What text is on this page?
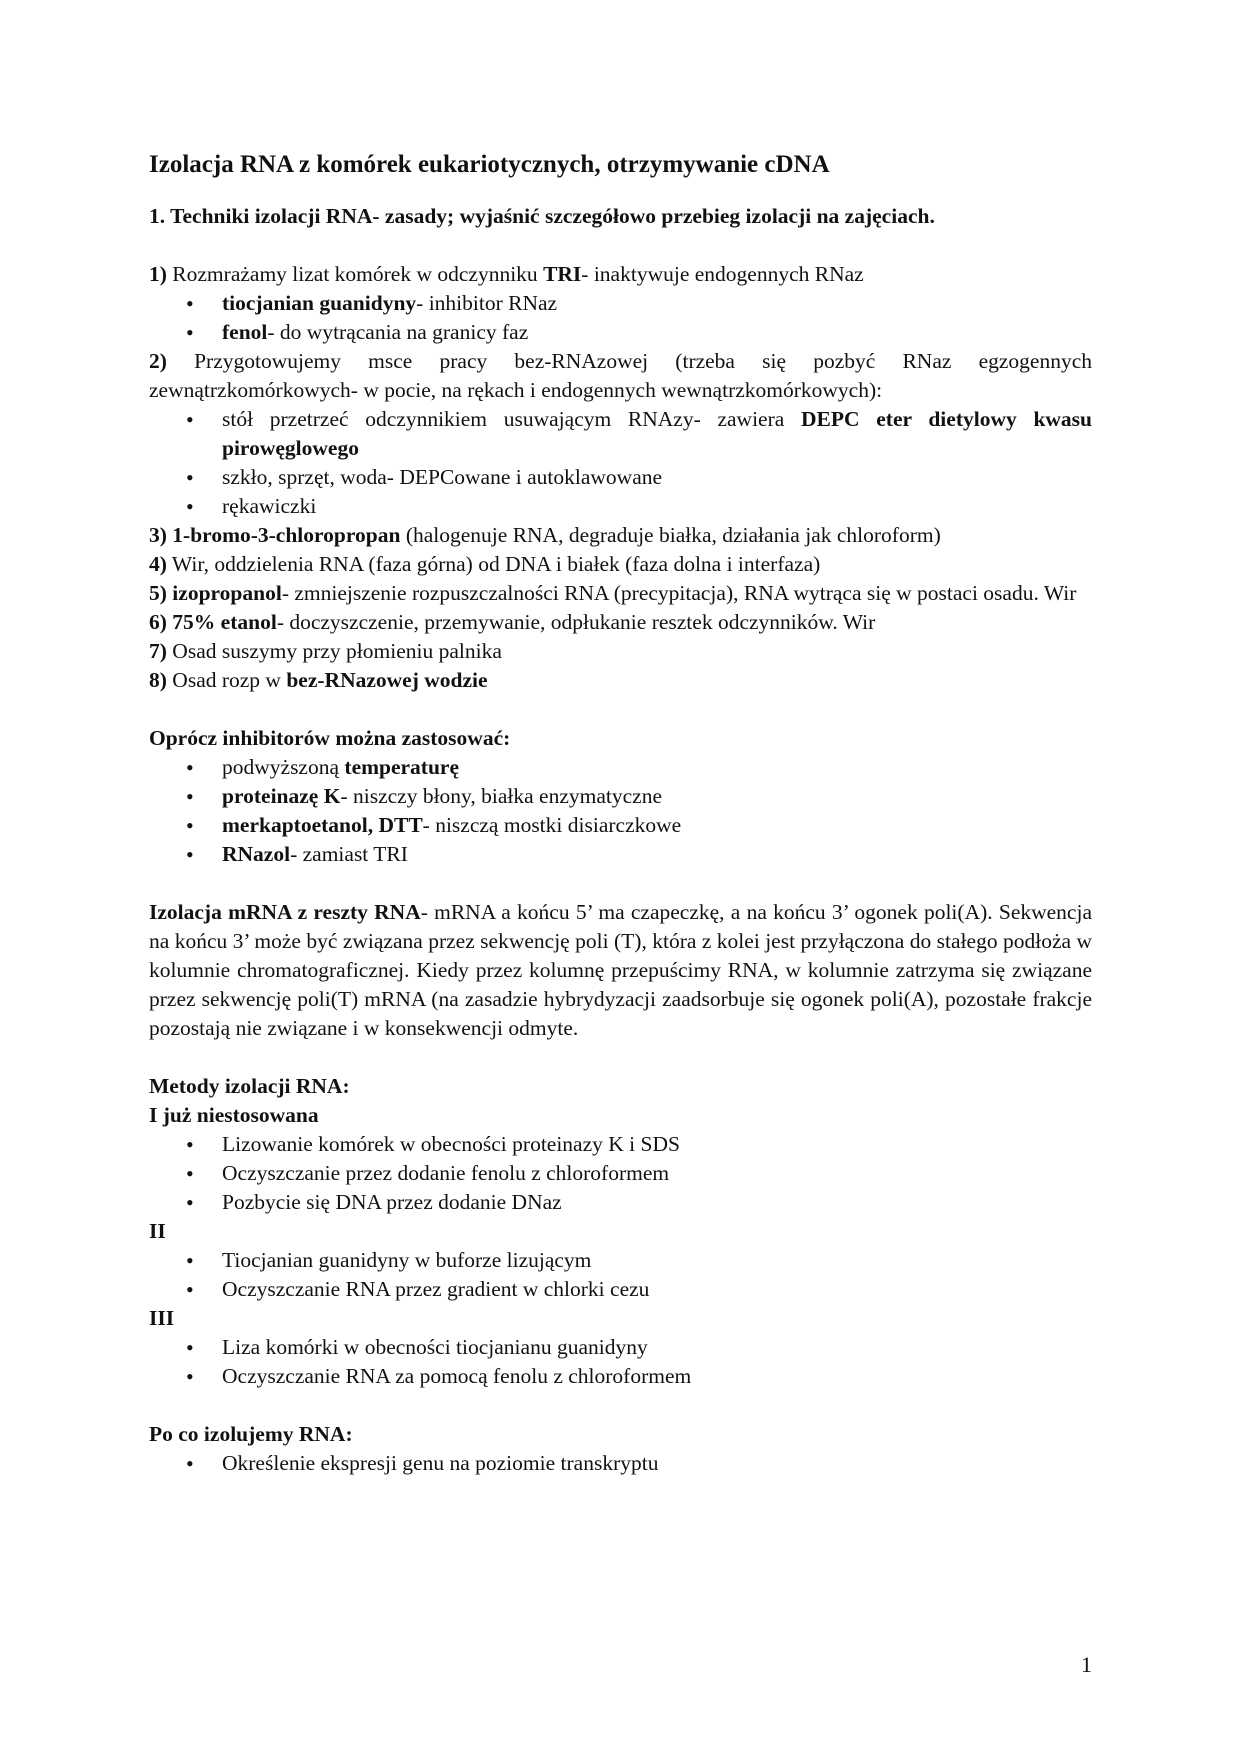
Izolacja RNA z komórek eukariotycznych, otrzymywanie cDNA

1. Techniki izolacji RNA- zasady; wyjaśnić szczegółowo przebieg izolacji na zajęciach.

1) Rozmrażamy lizat komórek w odczynniku TRI- inaktywuje endogennych RNaz

• tiocjanian guanidyny- inhibitor RNaz
• fenol- do wytrącania na granicy faz

2) Przygotowujemy msce pracy bez-RNAzowej (trzeba się pozbyć RNaz egzogennych zewnątrzkomórkowych- w pocie, na rękach i endogennych wewnątrzkomórkowych):

• stół przetrzeć odczynnikiem usuwającym RNAzy- zawiera DEPC eter dietylowy kwasu pirowęglowego
• szkło, sprzęt, woda- DEPCowane i autoklawowane
• rękawiczki

3) 1-bromo-3-chloropropan (halogenuje RNA, degraduje białka, działania jak chloroform)

4) Wir, oddzielenia RNA (faza górna) od DNA i białek (faza dolna i interfaza)

5) izopropanol- zmniejszenie rozpuszczalności RNA (precypitacja), RNA wytrąca się w postaci osadu. Wir

6) 75% etanol- doczyszczenie, przemywanie, odpłukanie resztek odczynników. Wir

7) Osad suszymy przy płomieniu palnika

8) Osad rozp w bez-RNazowej wodzie

Oprócz inhibitorów można zastosować:

• podwyższoną temperaturę
• proteinazę K- niszczy błony, białka enzymatyczne
• merkaptoetanol, DTT- niszczą mostki disiarczkowe
• RNazol- zamiast TRI

Izolacja mRNA z reszty RNA- mRNA a końcu 5’ ma czapeczkę, a na końcu 3’ ogonek poli(A). Sekwencja na końcu 3’ może być związana przez sekwencję poli (T), która z kolei jest przyłączona do stałego podłoża w kolumnie chromatograficznej. Kiedy przez kolumnę przepuścimy RNA, w kolumnie zatrzyma się związane przez sekwencję poli(T) mRNA (na zasadzie hybrydyzacji zaadsorbuje się ogonek poli(A), pozostałe frakcje pozostają nie związane i w konsekwencji odmyte.

Metody izolacji RNA:

I już niestosowana

• Lizowanie komórek w obecności proteinazy K i SDS
• Oczyszczanie przez dodanie fenolu z chloroformem
• Pozbycie się DNA przez dodanie DNaz

II

• Tiocjanian guanidyny w buforze lizującym
• Oczyszczanie RNA przez gradient w chlorki cezu

III

• Liza komórki w obecności tiocjanianu guanidyny
• Oczyszczanie RNA za pomocą fenolu z chloroformem

Po co izolujemy RNA:

• Określenie ekspresji genu na poziomie transkryptu
1
